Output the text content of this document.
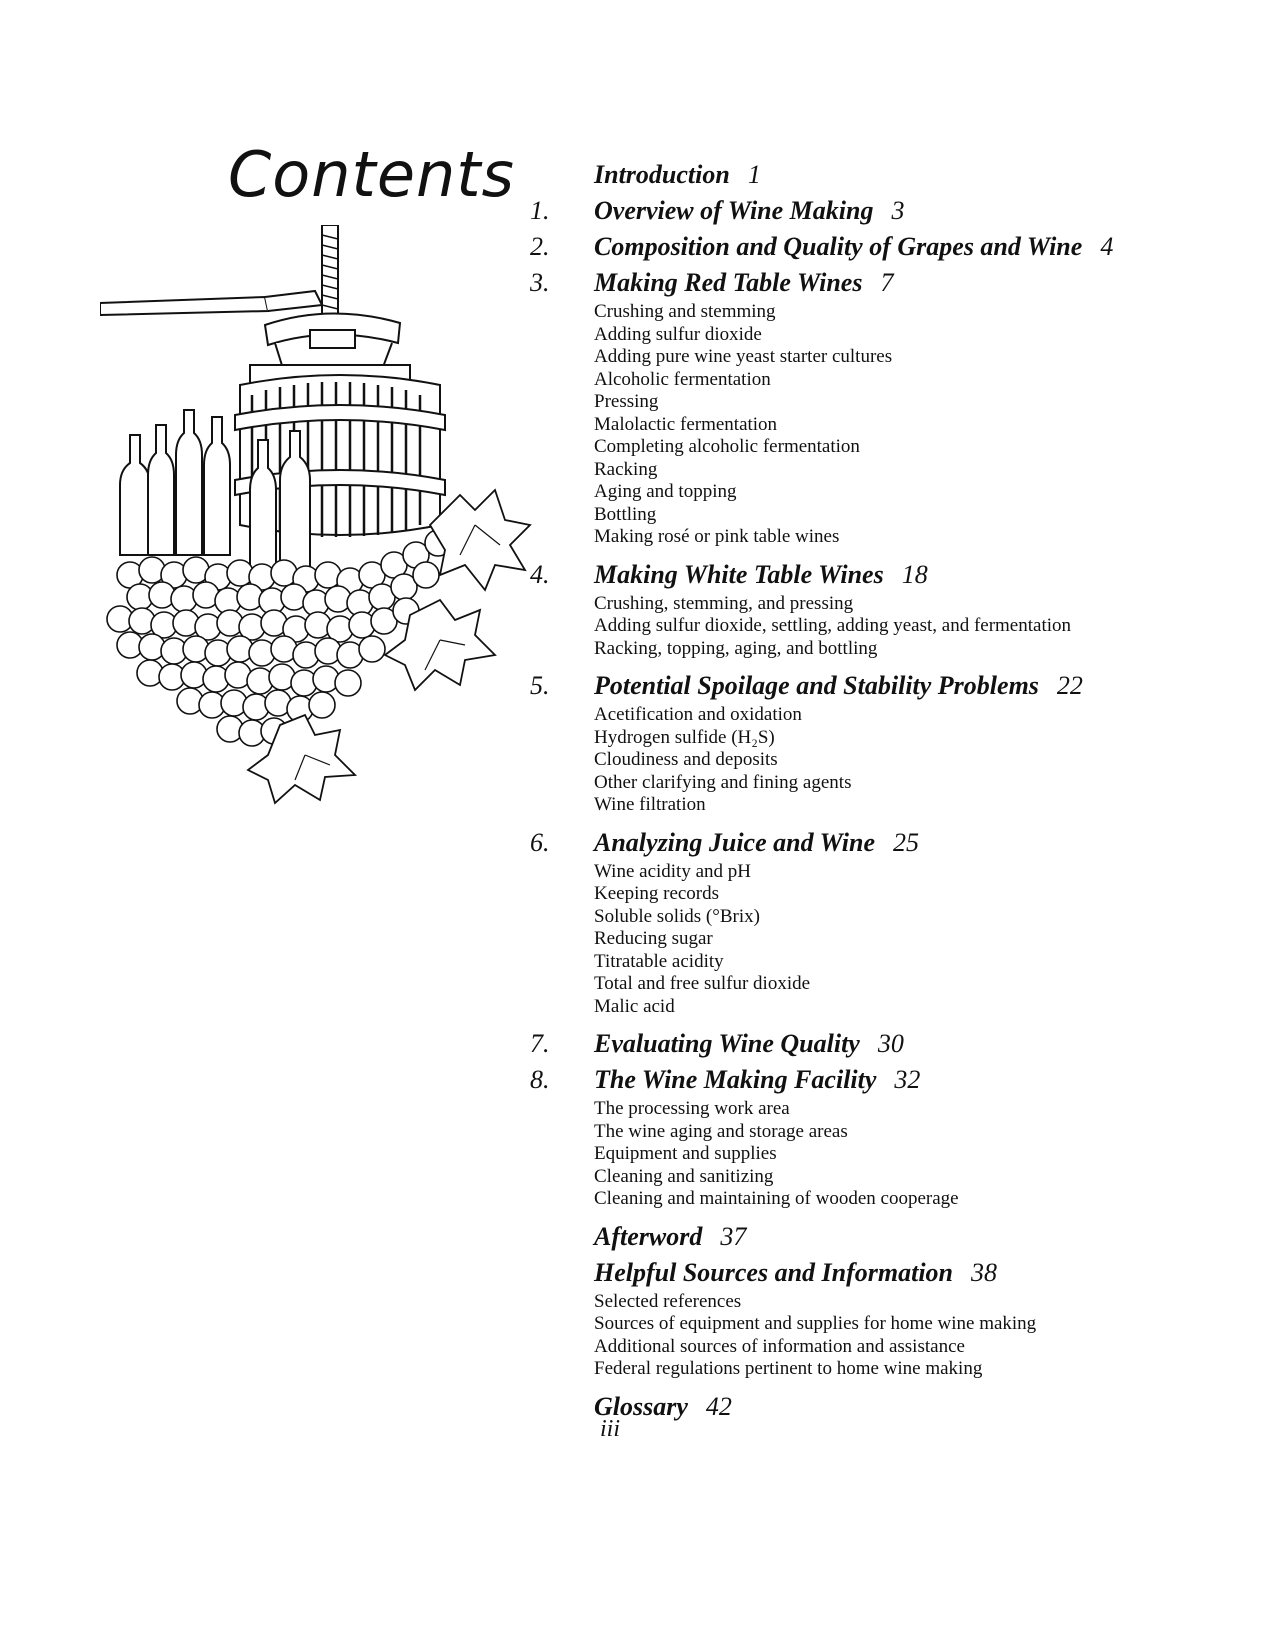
Contents	Introduction 1
1. Overview of Wine Making 3
2. Composition and Quality of Grapes and Wine 4
3. Making Red Table Wines 7
Crushing and stemming
Adding sulfur dioxide
Adding pure wine yeast starter cultures
Alcoholic fermentation
Pressing
Malolactic fermentation
Completing alcoholic fermentation
Racking
Aging and topping
Bottling
Making rosé or pink table wines
4. Making White Table Wines 18
Crushing, stemming, and pressing
Adding sulfur dioxide, settling, adding yeast, and fermentation
Racking, topping, aging, and bottling
5. Potential Spoilage and Stability Problems 22
Acetification and oxidation
Hydrogen sulfide (H₂S)
Cloudiness and deposits
Other clarifying and fining agents
Wine filtration
6. Analyzing Juice and Wine 25
Wine acidity and pH
Keeping records
Soluble solids (°Brix)
Reducing sugar
Titratable acidity
Total and free sulfur dioxide
Malic acid
7. Evaluating Wine Quality 30
8. The Wine Making Facility 32
The processing work area
The wine aging and storage areas
Equipment and supplies
Cleaning and sanitizing
Cleaning and maintaining of wooden cooperage
Afterword 37
Helpful Sources and Information 38
Selected references
Sources of equipment and supplies for home wine making
Additional sources of information and assistance
Federal regulations pertinent to home wine making
Glossary 42
iii
